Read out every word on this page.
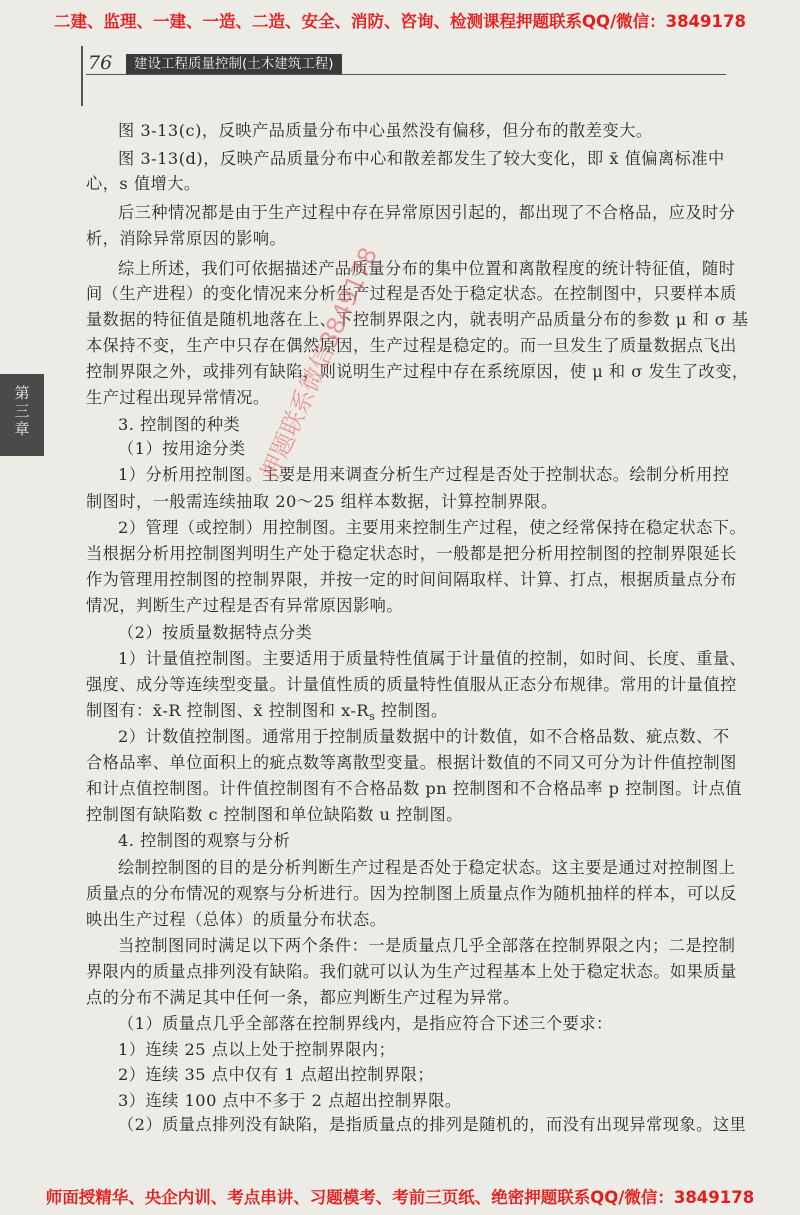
二建、监理、一建、一造、二造、安全、消防、咨询、检测课程押题联系QQ/微信：3849178
76	建设工程质量控制(土木建筑工程)
第
三
章

图 3-13(c)，反映产品质量分布中心虽然没有偏移，但分布的散差变大。

图 3-13(d)，反映产品质量分布中心和散差都发生了较大变化，即 x̄ 值偏离标准中

心，s 值增大。

后三种情况都是由于生产过程中存在异常原因引起的，都出现了不合格品，应及时分

析，消除异常原因的影响。

综上所述，我们可依据描述产品质量分布的集中位置和离散程度的统计特征值，随时

间（生产进程）的变化情况来分析生产过程是否处于稳定状态。在控制图中，只要样本质

量数据的特征值是随机地落在上、下控制界限之内，就表明产品质量分布的参数 μ 和 σ 基

本保持不变，生产中只存在偶然原因，生产过程是稳定的。而一旦发生了质量数据点飞出

控制界限之外，或排列有缺陷，则说明生产过程中存在系统原因，使 μ 和 σ 发生了改变，

生产过程出现异常情况。

3. 控制图的种类

（1）按用途分类

1）分析用控制图。主要是用来调查分析生产过程是否处于控制状态。绘制分析用控

制图时，一般需连续抽取 20～25 组样本数据，计算控制界限。

2）管理（或控制）用控制图。主要用来控制生产过程，使之经常保持在稳定状态下。

当根据分析用控制图判明生产处于稳定状态时，一般都是把分析用控制图的控制界限延长

作为管理用控制图的控制界限，并按一定的时间间隔取样、计算、打点，根据质量点分布

情况，判断生产过程是否有异常原因影响。

（2）按质量数据特点分类

1）计量值控制图。主要适用于质量特性值属于计量值的控制，如时间、长度、重量、

强度、成分等连续型变量。计量值性质的质量特性值服从正态分布规律。常用的计量值控

制图有：x̄-R 控制图、x̃ 控制图和 $x-R_s$ 控制图。

2）计数值控制图。通常用于控制质量数据中的计数值，如不合格品数、疵点数、不

合格品率、单位面积上的疵点数等离散型变量。根据计数值的不同又可分为计件值控制图

和计点值控制图。计件值控制图有不合格品数 pn 控制图和不合格品率 p 控制图。计点值

控制图有缺陷数 c 控制图和单位缺陷数 u 控制图。

4. 控制图的观察与分析

绘制控制图的目的是分析判断生产过程是否处于稳定状态。这主要是通过对控制图上

质量点的分布情况的观察与分析进行。因为控制图上质量点作为随机抽样的样本，可以反

映出生产过程（总体）的质量分布状态。

当控制图同时满足以下两个条件：一是质量点几乎全部落在控制界限之内；二是控制

界限内的质量点排列没有缺陷。我们就可以认为生产过程基本上处于稳定状态。如果质量

点的分布不满足其中任何一条，都应判断生产过程为异常。

（1）质量点几乎全部落在控制界线内，是指应符合下述三个要求：

1）连续 25 点以上处于控制界限内；

2）连续 35 点中仅有 1 点超出控制界限；

3）连续 100 点中不多于 2 点超出控制界限。

（2）质量点排列没有缺陷，是指质量点的排列是随机的，而没有出现异常现象。这里

押题联系微信3849178
师面授精华、央企内训、考点串讲、习题模考、考前三页纸、绝密押题联系QQ/微信：3849178
